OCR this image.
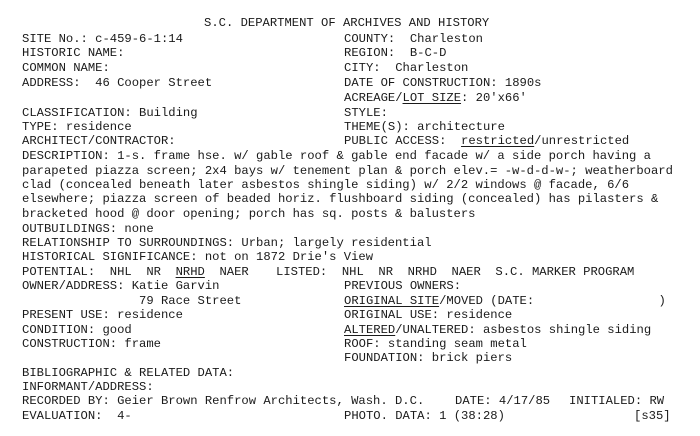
S.C. DEPARTMENT OF ARCHIVES AND HISTORY
SITE No.: c-459-6-1:14
HISTORIC NAME:
COMMON NAME:
ADDRESS:  46 Cooper Street
COUNTY:  Charleston
REGION:  B-C-D
CITY:  Charleston
DATE OF CONSTRUCTION: 1890s
ACREAGE/LOT SIZE: 20'x66'
CLASSIFICATION: Building
TYPE: residence
ARCHITECT/CONTRACTOR:
STYLE:
THEME(S): architecture
PUBLIC ACCESS:  restricted/unrestricted
DESCRIPTION: 1-s. frame hse. w/ gable roof & gable end facade w/ a side porch having a
parapeted piazza screen; 2x4 bays w/ tenement plan & porch elev.= -w-d-d-w-; weatherboard
clad (concealed beneath later asbestos shingle siding) w/ 2/2 windows @ facade, 6/6
elsewhere; piazza screen of beaded horiz. flushboard siding (concealed) has pilasters &
bracketed hood @ door opening; porch has sq. posts & balusters
OUTBUILDINGS: none
RELATIONSHIP TO SURROUNDINGS: Urban; largely residential
HISTORICAL SIGNIFICANCE: not on 1872 Drie's View
POTENTIAL:  NHL  NR  NRHD  NAER LISTED:  NHL  NR  NRHD  NAER  S.C. MARKER PROGRAM
OWNER/ADDRESS: Katie Garvin
79 Race Street
PRESENT USE: residence
CONDITION: good
CONSTRUCTION: frame
PREVIOUS OWNERS:
ORIGINAL SITE/MOVED (DATE:                 )
ORIGINAL USE: residence
ALTERED/UNALTERED: asbestos shingle siding
ROOF: standing seam metal
FOUNDATION: brick piers
BIBLIOGRAPHIC & RELATED DATA:
INFORMANT/ADDRESS:
RECORDED BY: Geier Brown Renfrow Architects, Wash. D.C.	DATE: 4/17/85 INITIALED: RW
EVALUATION:  4-	PHOTO. DATA: 1 (38:28)	[s35]
